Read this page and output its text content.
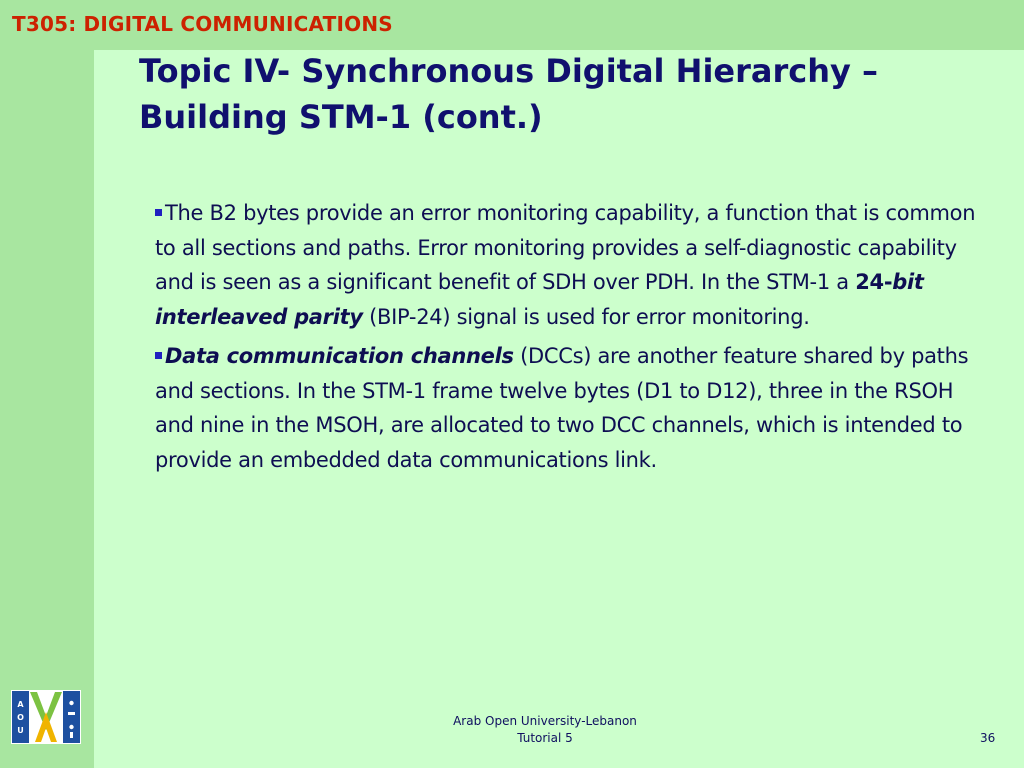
T305: DIGITAL COMMUNICATIONS
Topic IV- Synchronous Digital Hierarchy –
Building STM-1 (cont.)

The B2 bytes provide an error monitoring capability, a function that is common to all sections and paths. Error monitoring provides a self-diagnostic capability and is seen as a significant benefit of SDH over PDH. In the STM-1 a 24-bit interleaved parity (BIP-24) signal is used for error monitoring.

Data communication channels (DCCs) are another feature shared by paths and sections. In the STM-1 frame twelve bytes (D1 to D12), three in the RSOH and nine in the MSOH, are allocated to two DCC channels, which is intended to provide an embedded data communications link.

A
O
U
Arab Open University-Lebanon
Tutorial 5	36
